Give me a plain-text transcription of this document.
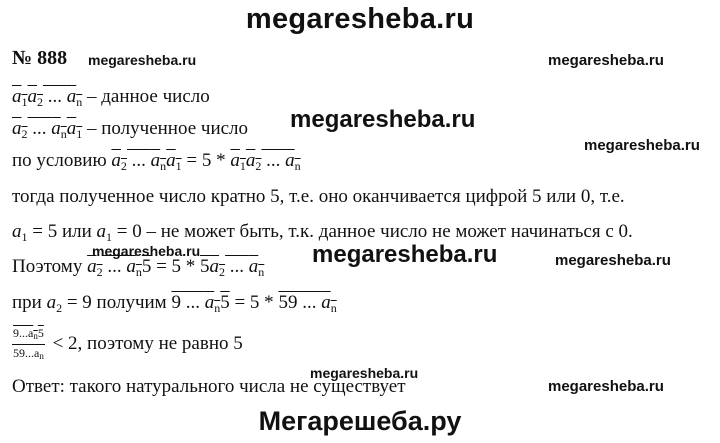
megaresheba.ru
№ 888 megaresheba.ru	megaresheba.ru
megaresheba.ru
megaresheba.ru
megaresheba.ru	megaresheba.ru	megaresheba.ru
megaresheba.ru
megaresheba.ru
$a_1a_2$ ... $a_n$ – данное число
$a_2$ ... $a_na_1$ – полученное число
по условию $a_2$ ... $a_na_1 = 5 * a_1a_2$ ... $a_n$
тогда полученное число кратно 5, т.е. оно оканчивается цифрой 5 или 0, т.е.
$a_1 = 5$ или $a_1 = 0$ – не может быть, т.к. данное число не может начинаться с 0.
Поэтому $a_2$ ... $a_n5 = 5 * 5a_2$ ... $a_n$
при $a_2 = 9$ получим 9 ... $a_n5 = 5 * 59$ ... $a_n$
$\frac{9...a_n5}{59...a_n} < 2$, поэтому не равно 5
Ответ: такого натурального числа не существует
Мегарешеба.ру
